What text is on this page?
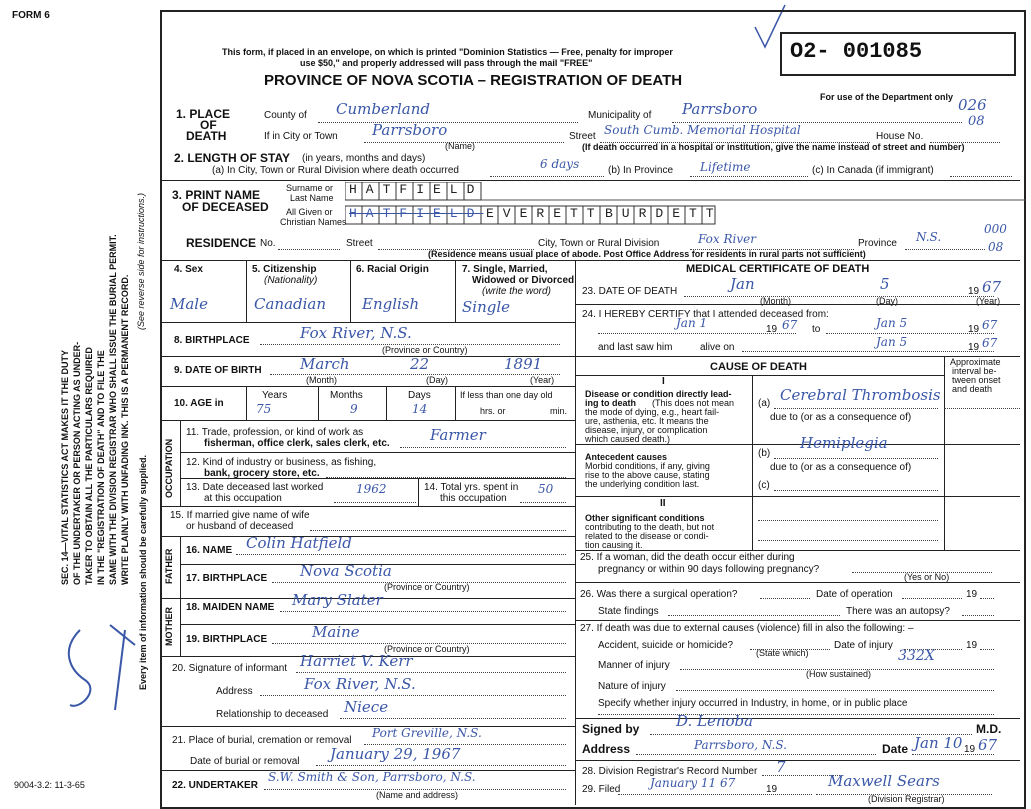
FORM 6
9004-3.2: 11-3-65
SEC. 14—VITAL STATISTICS ACT MAKES IT THE DUTY OF THE UNDERTAKER OR PERSON ACTING AS UNDER- TAKER TO OBTAIN ALL THE PARTICULARS REQUIRED IN THE "REGISTRATION OF DEATH" AND TO FILE THE SAME WITH THE DIVISION REGISTRAR WHO SHALL ISSUE THE BURIAL PERMIT. WRITE PLAINLY WITH UNFADING INK. THIS IS A PERMANENT RECORD.
(See reverse side for instructions.)
Every item of information should be carefully supplied.
This form, if placed in an envelope, on which is printed "Dominion Statistics — Free, penalty for improper
use $50," and properly addressed will pass through the mail "FREE"
PROVINCE OF NOVA SCOTIA – REGISTRATION OF DEATH
O2- 001085
For use of the Department only 026
08
1. PLACE
OF
DEATH
County of Cumberland	Municipality of Parrsboro
If in City or Town Parrsboro
(Name)
Street South Cumb. Memorial Hospital	House No.
(If death occurred in a hospital or institution, give the name instead of street and number)
2. LENGTH OF STAY (in years, months and days)
(a) In City, Town or Rural Division where death occurred	6 days	(b) In Province Lifetime	(c) In Canada (if immigrant)
3. PRINT NAME
OF DECEASED
Surname or
Last Name
All Given or
Christian Names
HATFIELD
HATFIELD EVERETT BURDETT
RESIDENCE No.	Street	City, Town or Rural Division	Fox River	Province N.S.
000
08
(Residence means usual place of abode. Post Office Address for residents in rural parts not sufficient)
4. Sex
Male
5. Citizenship
(Nationality)
Canadian
6. Racial Origin
English
7. Single, Married,
Widowed or Divorced
(write the word)
Single
8. BIRTHPLACE	Fox River, N.S.
(Province or Country)
9. DATE OF BIRTH	March	22	1891
(Month)	(Day)	(Year)
10. AGE in
Years	Months	Days
75	9	14
If less than one day old
hrs. or	min.
OCCUPATION
11. Trade, profession, or kind of work as
fisherman, office clerk, sales clerk, etc.	Farmer
12. Kind of industry or business, as fishing,
bank, grocery store, etc.
13. Date deceased last worked
at this occupation
1962	14. Total yrs. spent in
this occupation
50
15. If married give name of wife
or husband of deceased
FATHER 16. NAME Colin Hatfield
17. BIRTHPLACE Nova Scotia
(Province or Country)
MOTHER 18. MAIDEN NAME Mary Slater
19. BIRTHPLACE	Maine
(Province or Country)
20. Signature of informant Harriet V. Kerr
Address	Fox River, N.S.
Relationship to deceased Niece
21. Place of burial, cremation or removal
Port Greville, N.S.
Date of burial or removal January 29, 1967
22. UNDERTAKER
S.W. Smith & Son, Parrsboro, N.S.
(Name and address)
MEDICAL CERTIFICATE OF DEATH
23. DATE OF DEATH	Jan	5	19 67
(Month)	(Day)	(Year)
24. I HEREBY CERTIFY that I attended deceased from:
Jan 1	19 67 to	Jan 5	19 67
and last saw him	alive on	Jan 5	19 67
CAUSE OF DEATH	Approximate
interval be-
tween onset
and death
I
Disease or condition directly lead-
ing to death (This does not mean
the mode of dying, e.g., heart fail-
ure, asthenia, etc. It means the
disease, injury, or complication
which caused death.)
(a) Cerebral Thrombosis
due to (or as a consequence of)
Antecedent causes
Morbid conditions, if any, giving
rise to the above cause, stating
the underlying condition last.
(b)
Hemiplegia
due to (or as a consequence of)
(c)
II
Other significant conditions
contributing to the death, but not
related to the disease or condi-
tion causing it.
25. If a woman, did the death occur either during
pregnancy or within 90 days following pregnancy?
(Yes or No)
26. Was there a surgical operation?	Date of operation	19
State findings	There was an autopsy?
27. If death was due to external causes (violence) fill in also the following: –
Accident, suicide or homicide?	Date of injury	19
(State which)
Manner of injury
332X
(How sustained)
Nature of injury
Specify whether injury occurred in Industry, in home, or in public place
Signed by D. Lenoba	M.D.
Address	Parrsboro, N.S.	Date Jan 10 19 67
28. Division Registrar's Record Number 7
29. Filed January 11 67	19	Maxwell Sears
(Division Registrar)
